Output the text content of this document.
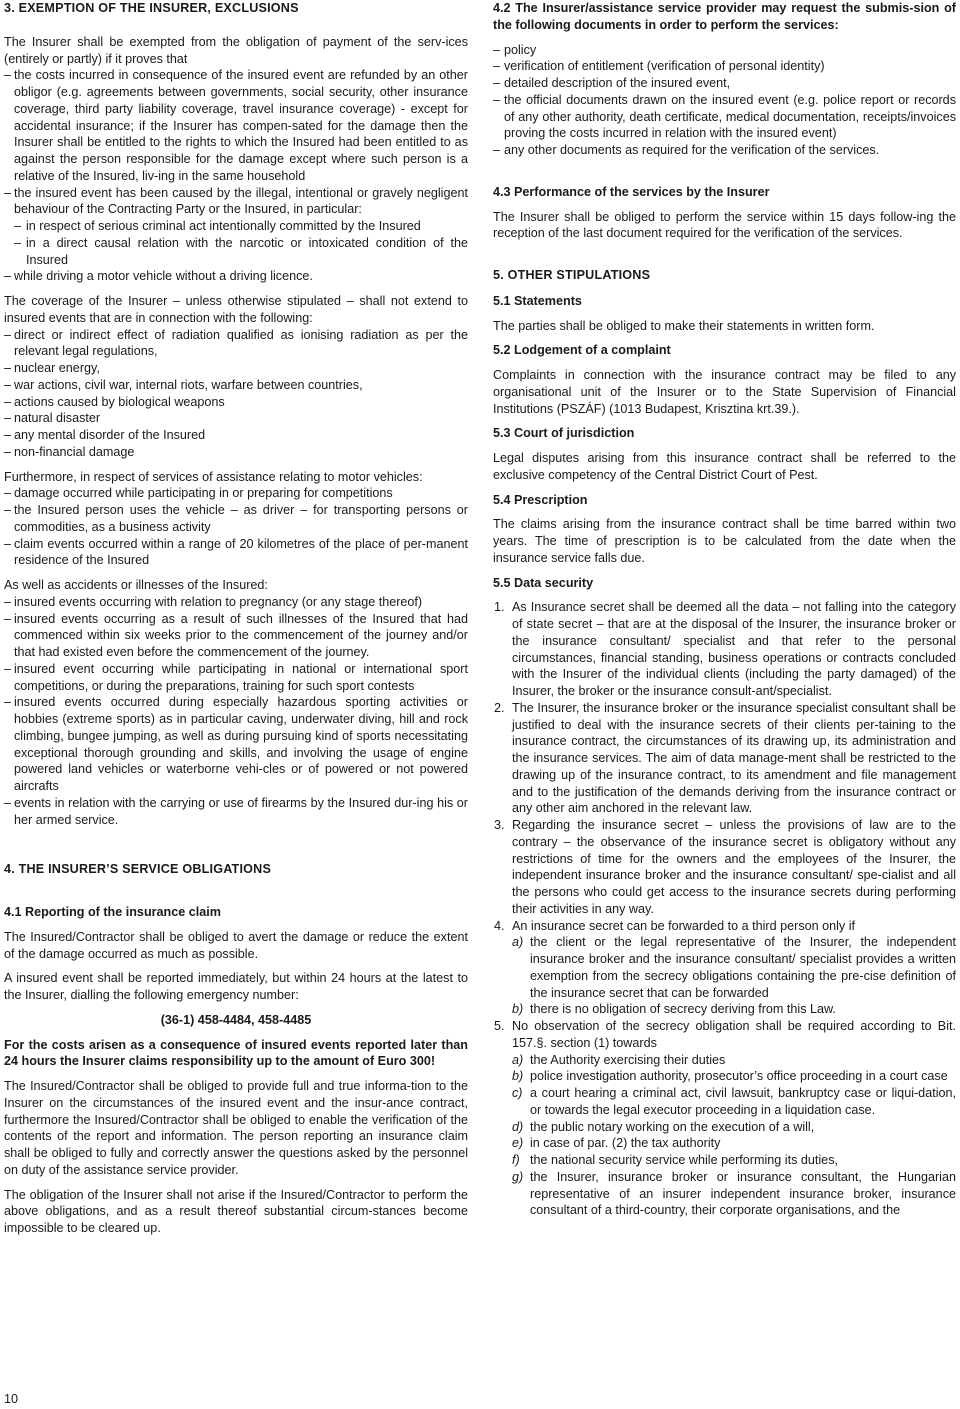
3. EXEMPTION OF THE INSURER, EXCLUSIONS

The Insurer shall be exempted from the obligation of payment of the serv-ices (entirely or partly) if it proves that

– the costs incurred in consequence of the insured event are refunded by an other obligor (e.g. agreements between governments, social security, other insurance coverage, third party liability coverage, travel insurance coverage) - except for accidental insurance; if the Insurer has compen-sated for the damage then the Insurer shall be entitled to the rights to which the Insured had been entitled to as against the person responsible for the damage except where such person is a relative of the Insured, liv-ing in the same household
– the insured event has been caused by the illegal, intentional or gravely negligent behaviour of the Contracting Party or the Insured, in particular:
– in respect of serious criminal act intentionally committed by the Insured
– in a direct causal relation with the narcotic or intoxicated condition of the Insured
– while driving a motor vehicle without a driving licence.

The coverage of the Insurer – unless otherwise stipulated – shall not extend to insured events that are in connection with the following:

– direct or indirect effect of radiation qualified as ionising radiation as per the relevant legal regulations,
– nuclear energy,
– war actions, civil war, internal riots, warfare between countries,
– actions caused by biological weapons
– natural disaster
– any mental disorder of the Insured
– non-financial damage

Furthermore, in respect of services of assistance relating to motor vehicles:

– damage occurred while participating in or preparing for competitions
– the Insured person uses the vehicle – as driver – for transporting persons or commodities, as a business activity
– claim events occurred within a range of 20 kilometres of the place of per-manent residence of the Insured

As well as accidents or illnesses of the Insured:

– insured events occurring with relation to pregnancy (or any stage thereof)
– insured events occurring as a result of such illnesses of the Insured that had commenced within six weeks prior to the commencement of the journey and/or that had existed even before the commencement of the journey.
– insured event occurring while participating in national or international sport competitions, or during the preparations, training for such sport contests
– insured events occurred during especially hazardous sporting activities or hobbies (extreme sports) as in particular caving, underwater diving, hill and rock climbing, bungee jumping, as well as during pursuing kind of sports necessitating exceptional thorough grounding and skills, and involving the usage of engine powered land vehicles or waterborne vehi-cles or of powered or not powered aircrafts
– events in relation with the carrying or use of firearms by the Insured dur-ing his or her armed service.
4. THE INSURER’S SERVICE OBLIGATIONS
4.1 Reporting of the insurance claim

The Insured/Contractor shall be obliged to avert the damage or reduce the extent of the damage occurred as much as possible.

A insured event shall be reported immediately, but within 24 hours at the latest to the Insurer, dialling the following emergency number:

(36-1) 458-4484, 458-4485

For the costs arisen as a consequence of insured events reported later than 24 hours the Insurer claims responsibility up to the amount of Euro 300!

The Insured/Contractor shall be obliged to provide full and true informa-tion to the Insurer on the circumstances of the insured event and the insur-ance contract, furthermore the Insured/Contractor shall be obliged to enable the verification of the contents of the report and information. The person reporting an insurance claim shall be obliged to fully and correctly answer the questions asked by the personnel on duty of the assistance service provider.

The obligation of the Insurer shall not arise if the Insured/Contractor to perform the above obligations, and as a result thereof substantial circum-stances become impossible to be cleared up.

4.2 The Insurer/assistance service provider may request the submis-sion of the following documents in order to perform the services:
– policy
– verification of entitlement (verification of personal identity)
– detailed description of the insured event,
– the official documents drawn on the insured event (e.g. police report or records of any other authority, death certificate, medical documentation, receipts/invoices proving the costs incurred in relation with the insured event)
– any other documents as required for the verification of the services.
4.3 Performance of the services by the Insurer

The Insurer shall be obliged to perform the service within 15 days follow-ing the reception of the last document required for the verification of the services.

5. OTHER STIPULATIONS
5.1 Statements

The parties shall be obliged to make their statements in written form.

5.2 Lodgement of a complaint

Complaints in connection with the insurance contract may be filed to any organisational unit of the Insurer or to the State Supervision of Financial Institutions (PSZÁF) (1013 Budapest, Krisztina krt.39.).

5.3 Court of jurisdiction

Legal disputes arising from this insurance contract shall be referred to the exclusive competency of the Central District Court of Pest.

5.4 Prescription

The claims arising from the insurance contract shall be time barred within two years. The time of prescription is to be calculated from the date when the insurance service falls due.

5.5 Data security
1. As Insurance secret shall be deemed all the data – not falling into the category of state secret – that are at the disposal of the Insurer, the insurance broker or the insurance consultant/ specialist and that refer to the personal circumstances, financial standing, business operations or contracts concluded with the Insurer of the individual clients (including the party damaged) of the Insurer, the broker or the insurance consult-ant/specialist.
2. The Insurer, the insurance broker or the insurance specialist consultant shall be justified to deal with the insurance secrets of their clients per-taining to the insurance contract, the circumstances of its drawing up, its administration and the insurance services. The aim of data manage-ment shall be restricted to the drawing up of the insurance contract, to its amendment and file management and to the justification of the demands deriving from the insurance contract or any other aim anchored in the relevant law.
3. Regarding the insurance secret – unless the provisions of law are to the contrary – the observance of the insurance secret is obligatory without any restrictions of time for the owners and the employees of the Insurer, the independent insurance broker and the insurance consultant/ spe-cialist and all the persons who could get access to the insurance secrets during performing their activities in any way.
4. An insurance secret can be forwarded to a third person only if
a) the client or the legal representative of the Insurer, the independent insurance broker and the insurance consultant/ specialist provides a written exemption from the secrecy obligations containing the pre-cise definition of the insurance secret that can be forwarded
b) there is no obligation of secrecy deriving from this Law.
5. No observation of the secrecy obligation shall be required according to Bit. 157.§. section (1) towards
a) the Authority exercising their duties
b) police investigation authority, prosecutor’s office proceeding in a court case
c) a court hearing a criminal act, civil lawsuit, bankruptcy case or liqui-dation, or towards the legal executor proceeding in a liquidation case.
d) the public notary working on the execution of a will,
e) in case of par. (2) the tax authority
f) the national security service while performing its duties,
g) the Insurer, insurance broker or insurance consultant, the Hungarian representative of an insurer independent insurance broker, insurance consultant of a third-country, their corporate organisations, and the
10
